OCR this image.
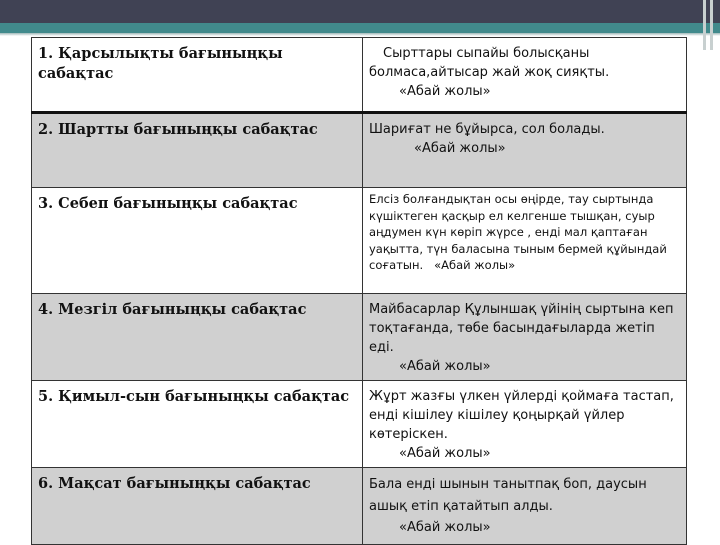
1. Қарсылықты бағыныңқы сабақтас	Сырттары сыпайы болысқаны болмаса,айтысар жай жоқ сияқты.
«Абай жолы»

2. Шартты бағыныңқы сабақтас	Шариғат не бұйырса, сол болады.
«Абай жолы»

3. Себеп бағыныңқы сабақтас	Елсіз болғандықтан осы өңірде, тау сыртында күшіктеген қасқыр ел келгенше тышқан, суыр аңдумен күн көріп жүрсе , енді мал қаптаған уақытта, түн баласына тыным бермей құйындай соғатын. «Абай жолы»
4. Мезгіл бағыныңқы сабақтас	Майбасарлар Құлыншақ үйінің сыртына кеп тоқтағанда, төбе басындағыларда жетіп еді.
«Абай жолы»

5. Қимыл-сын бағыныңқы сабақтас	Жұрт жазғы үлкен үйлерді қоймаға тастап, енді кішілеу кішілеу қоңырқай үйлер көтеріскен.
«Абай жолы»

6. Мақсат бағыныңқы сабақтас	Бала енді шынын танытпақ боп, даусын ашық етіп қатайтып алды.
«Абай жолы»
